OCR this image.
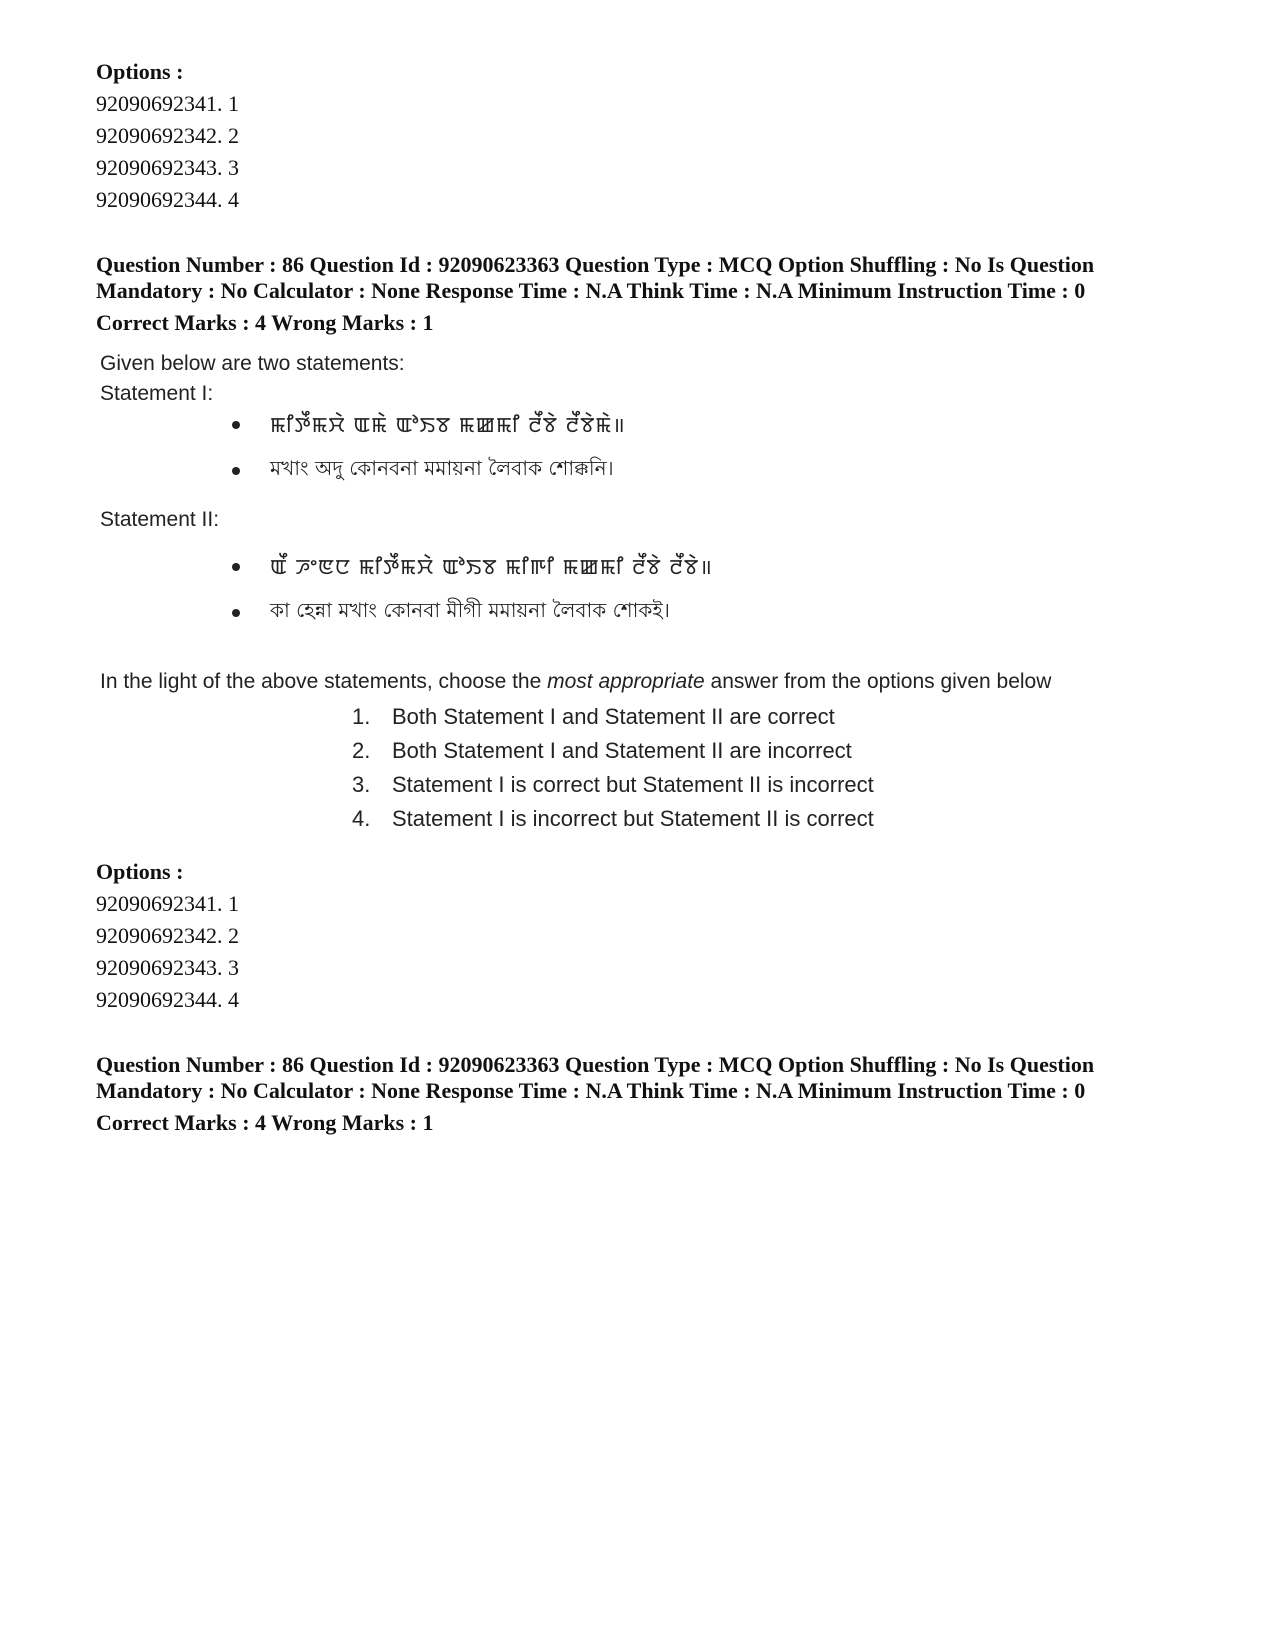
Options :
92090692341. 1
92090692342. 2
92090692343. 3
92090692344. 4
Question Number : 86 Question Id : 92090623363 Question Type : MCQ Option Shuffling : No Is Question
Mandatory : No Calculator : None Response Time : N.A Think Time : N.A Minimum Instruction Time : 0
Correct Marks : 4 Wrong Marks : 1
Given below are two statements:
Statement I:
ꯃꯤꯇꯩꯃꯆꯥ ꯑꯃꯥ ꯑꯣꯏꯕ ꯃꯀꯃꯤ ꯂꯩꯕꯥ ꯂꯩꯕꯥꯃꯥ॥
মখাং অদু কোনবনা মমায়না লৈবাক শোক্কনি।
Statement II:
ꯑꯩ ꯍꯦꯟꯅ ꯃꯤꯇꯩꯃꯆꯥ ꯑꯣꯏꯕ ꯃꯤꯒꯤ ꯃꯀꯃꯤ ꯂꯩꯕꯥ ꯂꯩꯕꯥ॥
কা হেন্না মখাং কোনবা মীগী মমায়না লৈবাক শোকই।
In the light of the above statements, choose the most appropriate answer from the options given below
1. Both Statement I and Statement II are correct
2. Both Statement I and Statement II are incorrect
3. Statement I is correct but Statement II is incorrect
4. Statement I is incorrect but Statement II is correct
Options :
92090692341. 1
92090692342. 2
92090692343. 3
92090692344. 4
Question Number : 86 Question Id : 92090623363 Question Type : MCQ Option Shuffling : No Is Question
Mandatory : No Calculator : None Response Time : N.A Think Time : N.A Minimum Instruction Time : 0
Correct Marks : 4 Wrong Marks : 1
